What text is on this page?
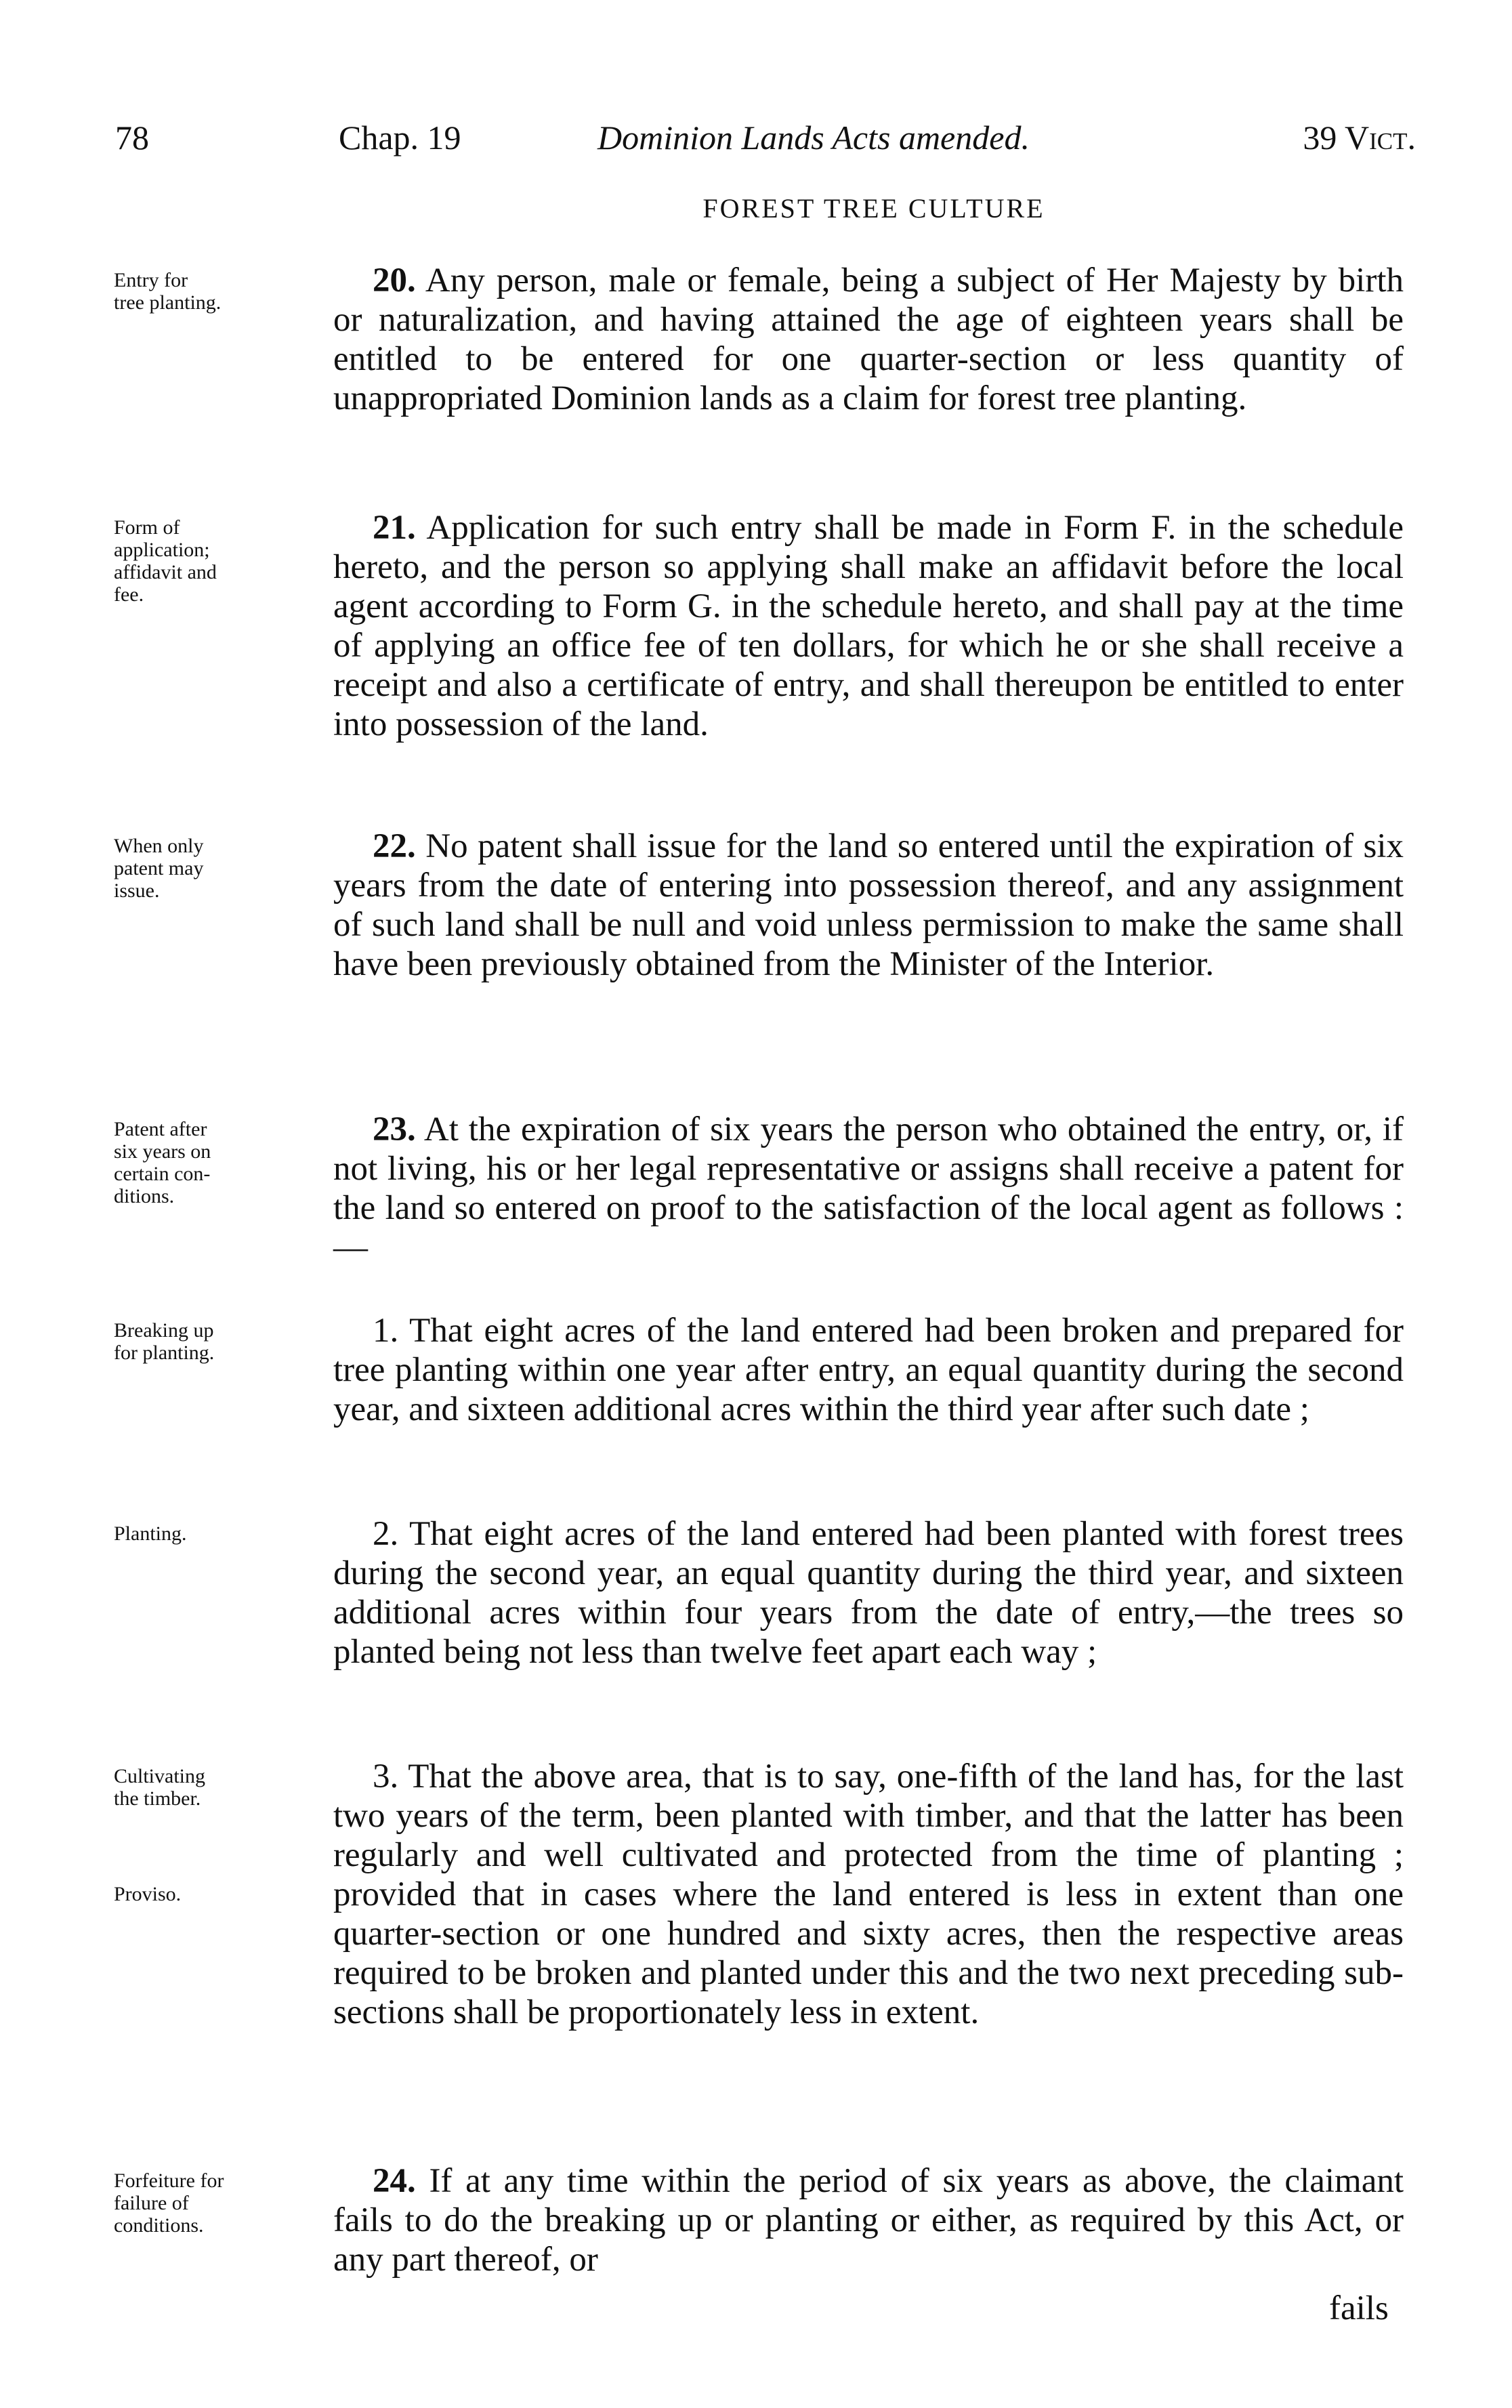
78	Chap. 19	Dominion Lands Acts amended.	39 Vict.
FOREST TREE CULTURE
Entry for
tree planting.
20. Any person, male or female, being a subject of Her Majesty by birth or naturalization, and having attained the age of eighteen years shall be entitled to be entered for one quarter-section or less quantity of unappropriated Dominion lands as a claim for forest tree planting.
Form of
application;
affidavit and
fee.
21. Application for such entry shall be made in Form F. in the schedule hereto, and the person so applying shall make an affidavit before the local agent according to Form G. in the schedule hereto, and shall pay at the time of applying an office fee of ten dollars, for which he or she shall receive a receipt and also a certificate of entry, and shall thereupon be entitled to enter into possession of the land.
When only
patent may
issue.
22. No patent shall issue for the land so entered until the expiration of six years from the date of entering into possession thereof, and any assignment of such land shall be null and void unless permission to make the same shall have been previously obtained from the Minister of the Interior.
Patent after
six years on
certain con-
ditions.
23. At the expiration of six years the person who obtained the entry, or, if not living, his or her legal representative or assigns shall receive a patent for the land so entered on proof to the satisfaction of the local agent as follows :—
Breaking up
for planting.
1. That eight acres of the land entered had been broken and prepared for tree planting within one year after entry, an equal quantity during the second year, and sixteen additional acres within the third year after such date ;
Planting.	2. That eight acres of the land entered had been planted with forest trees during the second year, an equal quantity during the third year, and sixteen additional acres within four years from the date of entry,—the trees so planted being not less than twelve feet apart each way ;
Cultivating
the timber.
Proviso.
3. That the above area, that is to say, one-fifth of the land has, for the last two years of the term, been planted with timber, and that the latter has been regularly and well cultivated and protected from the time of planting ; provided that in cases where the land entered is less in extent than one quarter-section or one hundred and sixty acres, then the respective areas required to be broken and planted under this and the two next preceding sub-sections shall be proportionately less in extent.
Forfeiture for
failure of
conditions.
24. If at any time within the period of six years as above, the claimant fails to do the breaking up or planting or either, as required by this Act, or any part thereof, or
fails
